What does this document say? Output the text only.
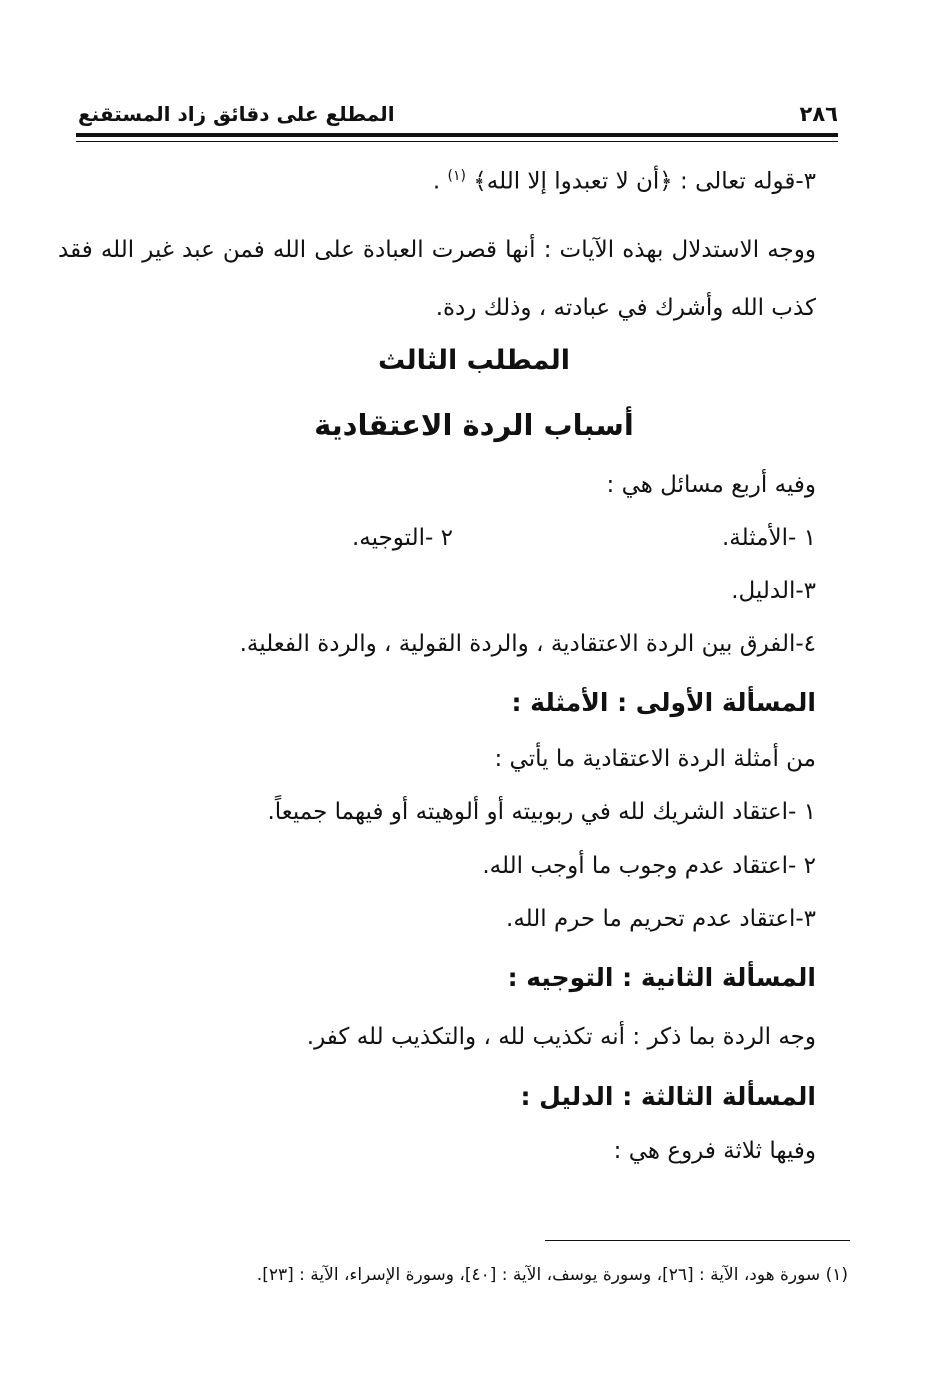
٢٨٦
المطلع على دقائق زاد المستقنع
٣-قوله تعالى : ﴿أن لا تعبدوا إلا الله﴾ $^{(١)}$ .
ووجه الاستدلال بهذه الآيات : أنها قصرت العبادة على الله فمن عبد غير الله فقد كذب الله وأشرك في عبادته ، وذلك ردة.
المطلب الثالث
أسباب الردة الاعتقادية
وفيه أربع مسائل هي :
١ -الأمثلة.
٢ -التوجيه.
٣-الدليل.
٤-الفرق بين الردة الاعتقادية ، والردة القولية ، والردة الفعلية.
المسألة الأولى : الأمثلة :
من أمثلة الردة الاعتقادية ما يأتي :
١ -اعتقاد الشريك لله في ربوبيته أو ألوهيته أو فيهما جميعاً.
٢ -اعتقاد عدم وجوب ما أوجب الله.
٣-اعتقاد عدم تحريم ما حرم الله.
المسألة الثانية : التوجيه :
وجه الردة بما ذكر : أنه تكذيب لله ، والتكذيب لله كفر.
المسألة الثالثة : الدليل :
وفيها ثلاثة فروع هي :
(١) سورة هود، الآية : [٢٦]، وسورة يوسف، الآية : [٤٠]، وسورة الإسراء، الآية : [٢٣].
